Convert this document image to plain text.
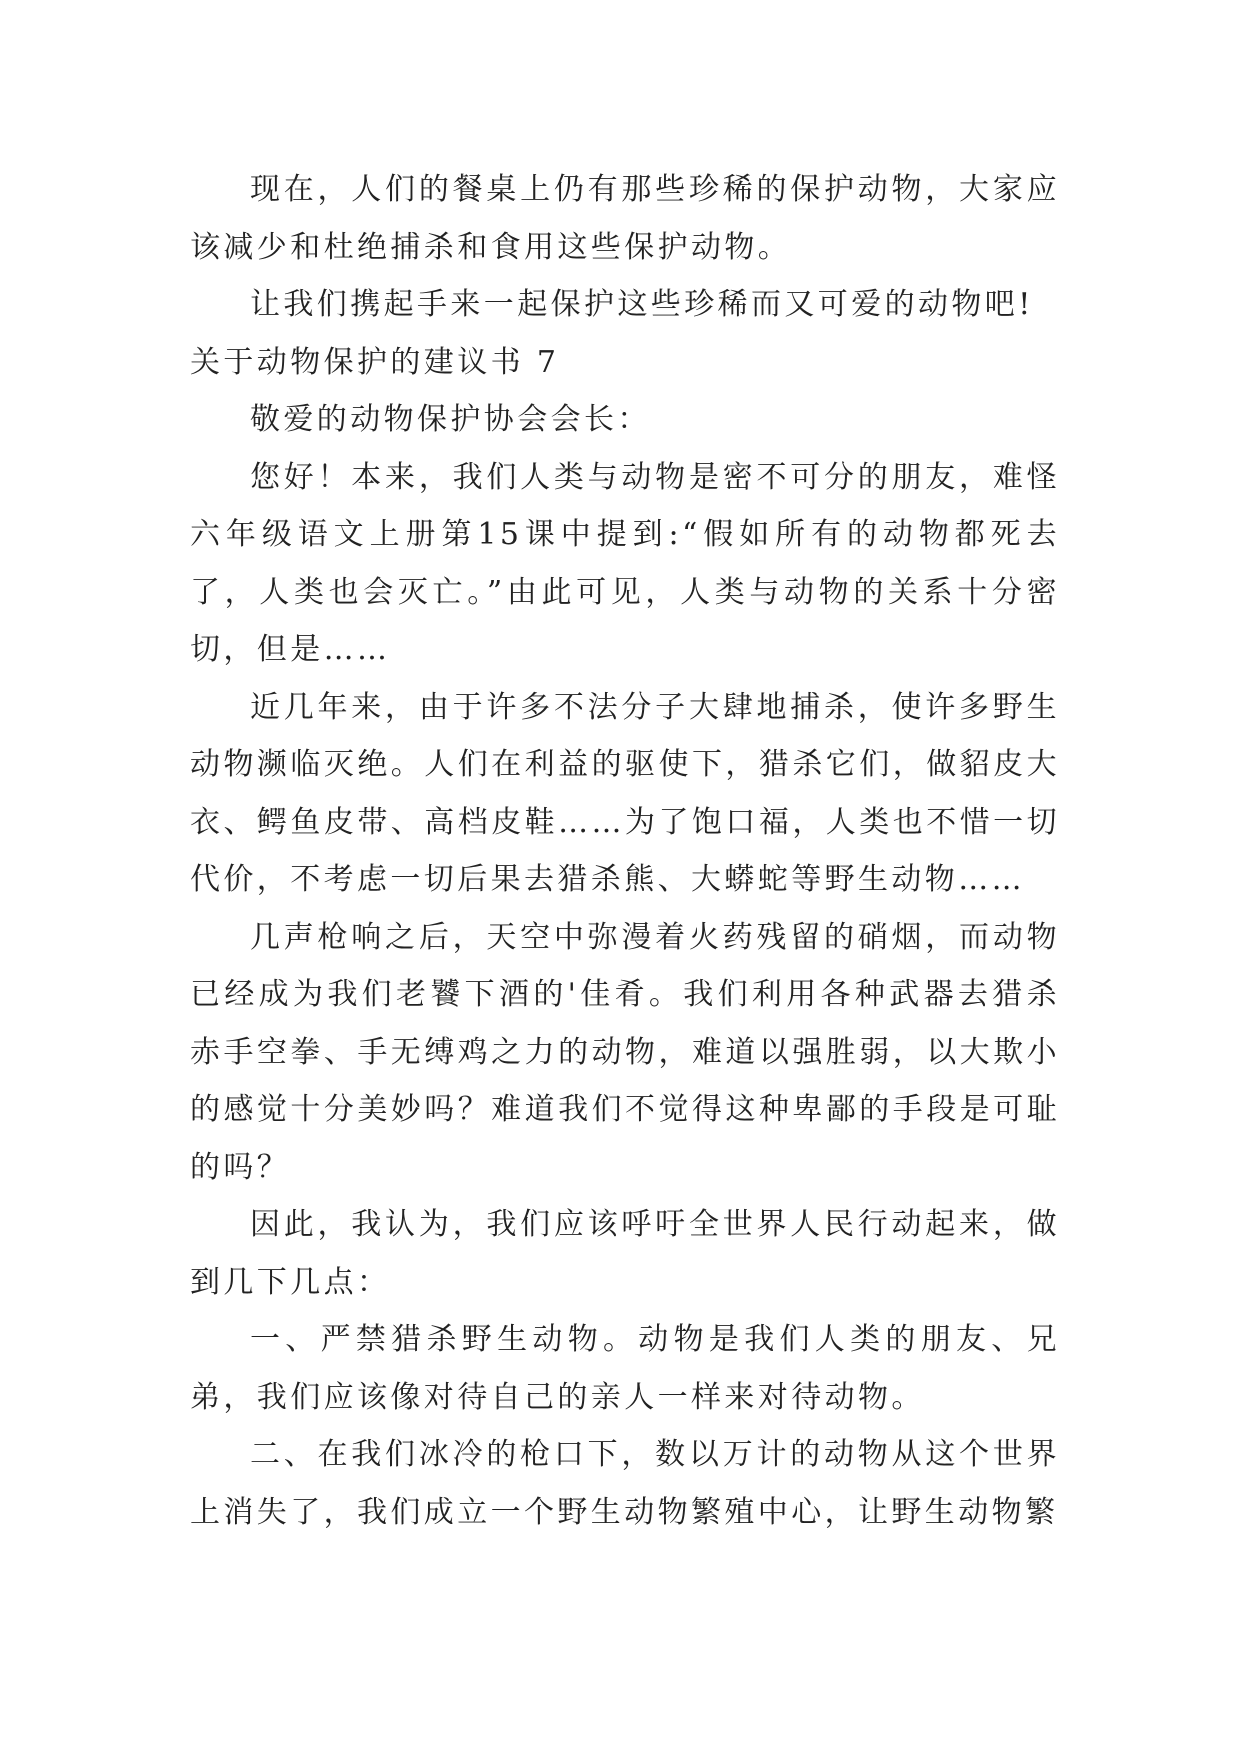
现在，人们的餐桌上仍有那些珍稀的保护动物，大家应该减少和杜绝捕杀和食用这些保护动物。

让我们携起手来一起保护这些珍稀而又可爱的动物吧!

关于动物保护的建议书 7

敬爱的动物保护协会会长：

您好！本来，我们人类与动物是密不可分的朋友，难怪六年级语文上册第15课中提到:“假如所有的动物都死去了，人类也会灭亡。”由此可见，人类与动物的关系十分密切，但是……

近几年来，由于许多不法分子大肆地捕杀，使许多野生动物濒临灭绝。人们在利益的驱使下，猎杀它们，做貂皮大衣、鳄鱼皮带、高档皮鞋……为了饱口福，人类也不惜一切代价，不考虑一切后果去猎杀熊、大蟒蛇等野生动物……

几声枪响之后，天空中弥漫着火药残留的硝烟，而动物已经成为我们老饕下酒的'佳肴。我们利用各种武器去猎杀赤手空拳、手无缚鸡之力的动物，难道以强胜弱，以大欺小的感觉十分美妙吗？难道我们不觉得这种卑鄙的手段是可耻的吗？

因此，我认为，我们应该呼吁全世界人民行动起来，做到几下几点：

一、严禁猎杀野生动物。动物是我们人类的朋友、兄弟，我们应该像对待自己的亲人一样来对待动物。

二、在我们冰冷的枪口下，数以万计的动物从这个世界上消失了，我们成立一个野生动物繁殖中心，让野生动物繁
